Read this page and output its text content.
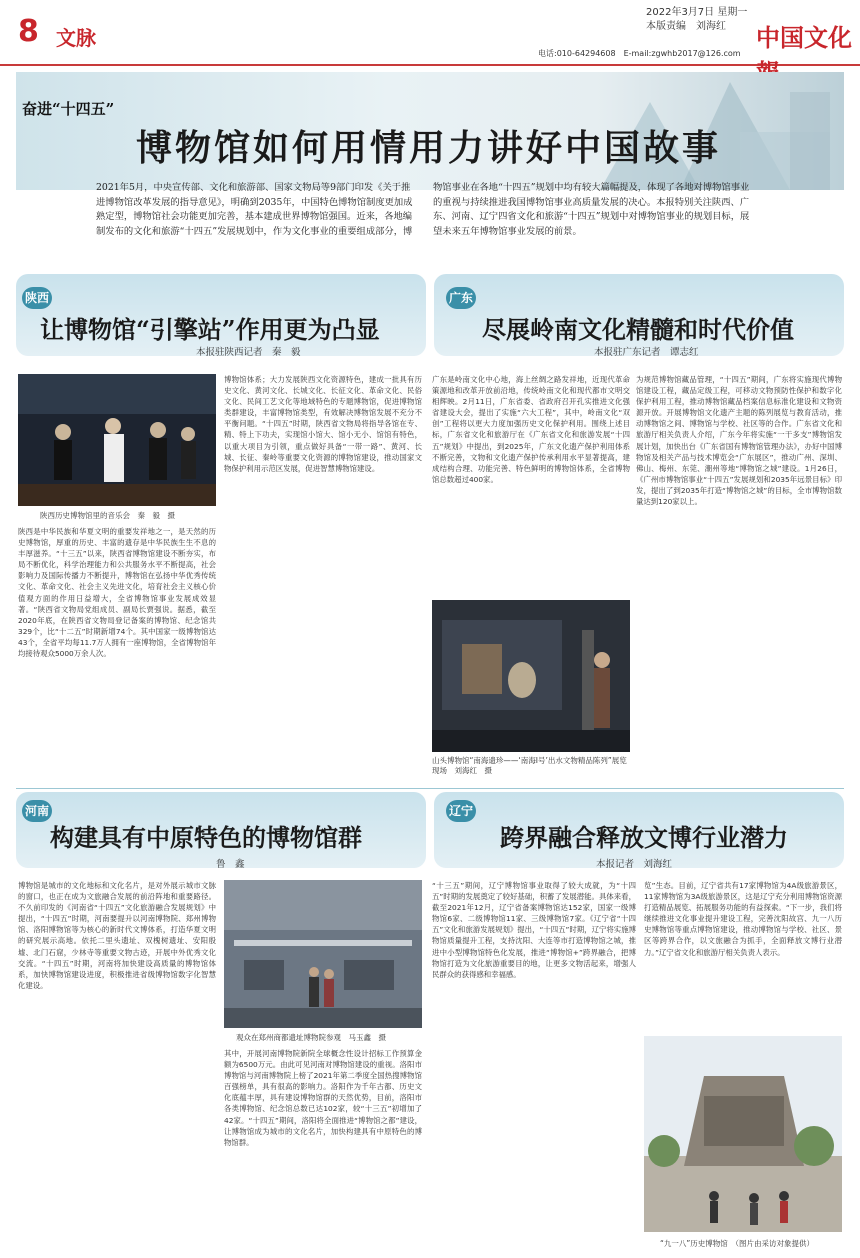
8 文脉
2022年3月7日 星期一
本版责编　刘海红
电话:010-64294608　E-mail:zgwhb2017@126.com
中国文化
奋进“十四五”
博物馆如何用情用力讲好中国故事
2021年5月，中央宣传部、文化和旅游部、国家文物局等9部门印发《关于推进博物馆改革发展的指导意见》，明确到2035年，中国特色博物馆制度更加成熟定型，博物馆社会功能更加完善，基本建成世界博物馆强国。近来，各地编制发布的文化和旅游“十四五”发展规划中，作为文化事业的重要组成部分，博物馆事业在各地“十四五”规划中均有较大篇幅提及，体现了各地对博物馆事业的重视与持续推进我国博物馆事业高质量发展的决心。本报特别关注陕西、广东、河南、辽宁四省文化和旅游“十四五”规划中对博物馆事业的规划目标，展望未来五年博物馆事业发展的前景。
陕西
让博物馆“引擎站”作用更为凸显
本报驻陕西记者　秦　毅
陕西历史博物馆里的音乐会　秦　毅　摄
陕西是中华民族和华夏文明的重要发祥地之一，是天然的历史博物馆，厚重的历史、丰富的遗存是中华民族生生不息的丰厚滋养。“十三五”以来，陕西省博物馆建设不断夯实，布局不断优化，科学治理能力和公共服务水平不断提高，社会影响力及国际传播力不断提升，博物馆在弘扬中华优秀传统文化、革命文化、社会主义先进文化，培育社会主义核心价值观方面的作用日益增大，全省博物馆事业发展成效显著。“陕西省文物局党组成员、副局长贾强说。据悉，截至2020年底，在陕西省文物局登记备案的博物馆、纪念馆共329个，比“十二五”时期新增74个。其中国家一级博物馆达43个，全省平均每11.7万人拥有一座博物馆，全省博物馆年均接待观众5000万余人次。
博物馆体系；大力发展陕西文化资源特色，建成一批具有历史文化、黄河文化、长城文化、长征文化、革命文化、民俗文化、民间工艺文化等地域特色的专题博物馆，促进博物馆类群建设，丰富博物馆类型，有效解决博物馆发展不充分不平衡问题。“十四五”时期，陕西省文物局将指导各馆在专、精、特上下功夫，实现馆小馆大、馆小无小、馆馆有特色，以重大项目为引领，重点做好具备“一带一路”、黄河、长城、长征、秦岭等重要文化资源的博物馆建设，推动国家文物保护利用示范区发展，促进智慧博物馆建设。
广东
尽展岭南文化精髓和时代价值
本报驻广东记者　谭志红
广东是岭南文化中心地，海上丝绸之路发祥地，近现代革命策源地和改革开放前沿地，传统岭南文化和现代都市文明交相辉映。2月11日，广东省委、省政府召开孔实推进文化强省建设大会，提出了实施“六大工程”，其中，岭南文化“双创”工程将以更大力度加强历史文化保护利用。围绕上述目标，广东省文化和旅游厅在《广东省文化和旅游发展“十四五”规划》中提出，到2025年，广东文化遗产保护利用体系不断完善，文物和文化遗产保护传承利用水平显著提高，建成结构合理、功能完善、特色鲜明的博物馆体系，全省博物馆总数超过400家。
为规范博物馆藏品管理，“十四五”期间，广东将实施现代博物馆建设工程，藏品定级工程，可移动文物预防性保护和数字化保护利用工程，推动博物馆藏品档案信息标准化建设和文物资源开放。开展博物馆文化遗产主题的陈列展览与教育活动，推动博物馆之间、博物馆与学校、社区等的合作。广东省文化和旅游厅相关负责人介绍，广东今年将实施“一干多支”博物馆发展计划，加快出台《广东省国有博物馆管理办法》，办好中国博物馆及相关产品与技术博览会“广东展区”，推动广州、深圳、佛山、梅州、东莞、潮州等地“博物馆之城”建设。1月26日，《广州市博物馆事业“十四五”发展规划和2035年远景目标》印发，提出了到2035年打造“博物馆之城”的目标，全市博物馆数量达到120家以上。
山头博物馆“南海遗珍——‘南海Ⅰ号’出水文物精品陈列”展览现场　刘海红　摄
河南
构建具有中原特色的博物馆群
鲁　鑫
博物馆是城市的文化地标和文化名片，是对外展示城市文脉的窗口，也正在成为文旅融合发展的前沿阵地和重要路径。不久前印发的《河南省“十四五”文化旅游融合发展规划》中提出，“十四五”时期，河南要提升以河南博物院、郑州博物馆、洛阳博物馆等为核心的新时代文博体系，打造华夏文明的研究展示高地。依托二里头遗址、双槐树遗址、安阳殷墟、北门石窟，少林寺等重要文物古迹，开展中外优秀文化交流。“十四五”时期，河南将加快建设高质量的博物馆体系，加快博物馆建设进度，积极推进省级博物馆数字化智慧化建设。
观众在郑州商都遗址博物院参观　马玉鑫　摄
其中，开展河南博物院新院全球概念性设计招标工作预算金额为6500万元。由此可见河南对博物馆建设的重视。洛阳市博物馆与河南博物院上榜了2021年第二季度全国热搜博物馆百强榜单，具有很高的影响力。洛阳作为千年古都、历史文化底蕴丰厚，具有建设博物馆群的天然优势，目前，洛阳市各类博物馆、纪念馆总数已达102家，较“十三五”初增加了42家。“十四五”期间，洛阳将全面推进“博物馆之都”建设，让博物馆成为城市的文化名片，加快构建具有中原特色的博物馆群。
辽宁
跨界融合释放文博行业潜力
本报记者　刘海红
“十三五”期间，辽宁博物馆事业取得了较大成就，为“十四五”时期的发展奠定了较好基础，积蓄了发展潜能。具体来看，截至2021年12月，辽宁省备案博物馆达152家，国家一级博物馆6家、二级博物馆11家、三级博物馆7家。《辽宁省“十四五”文化和旅游发展规划》提出，“十四五”时期，辽宁将实施博物馆质量提升工程，支持沈阳、大连等市打造博物馆之城，推进中小型博物馆特色化发展，推进“博物馆+”跨界融合，把博物馆打造为文化旅游重要目的地，让更多文物活起来，增强人民群众的获得感和幸福感。
览”生态。目前，辽宁省共有17家博物馆为4A级旅游景区，11家博物馆为3A级旅游景区，这是辽宁充分利用博物馆资源打造精品展览、拓展服务功能的有益探索。“下一步，我们将继续推进文化事业提升建设工程，完善沈阳故宫、九一八历史博物馆等重点博物馆建设，推动博物馆与学校、社区、景区等跨界合作，以文旅融合为抓手，全面释放文博行业潜力。”辽宁省文化和旅游厅相关负责人表示。
“九一八”历史博物馆　（图片由采访对象提供）
